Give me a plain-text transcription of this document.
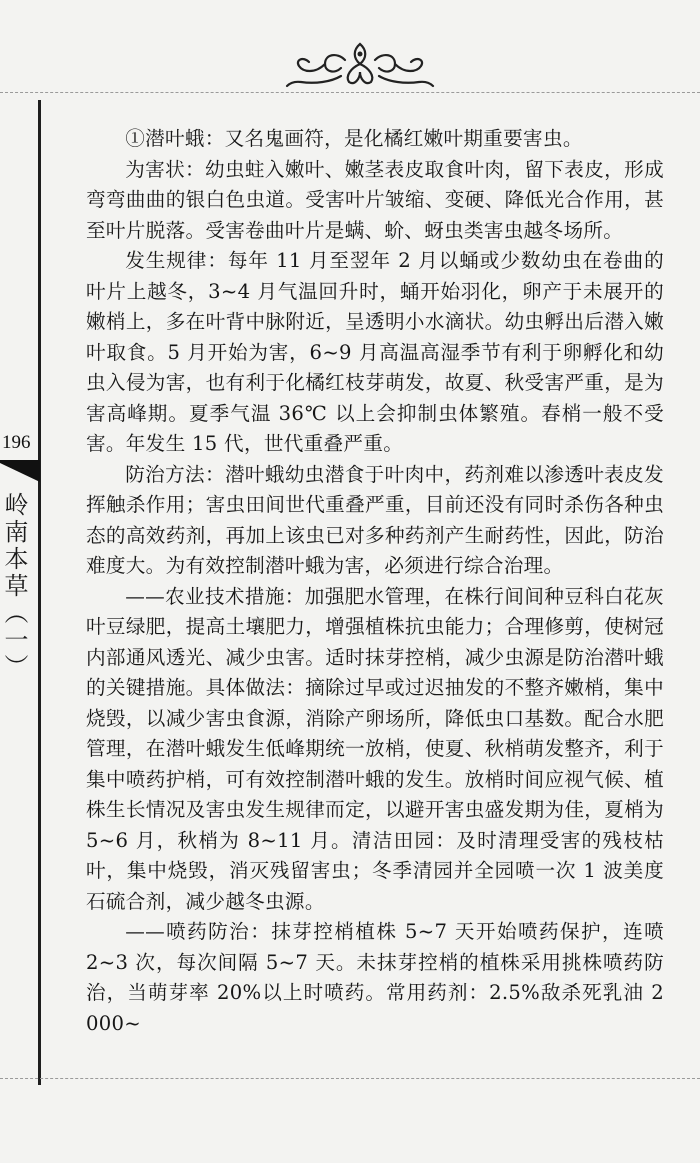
196
岭南本草（一）

①潜叶蛾：又名鬼画符，是化橘红嫩叶期重要害虫。

为害状：幼虫蛀入嫩叶、嫩茎表皮取食叶肉，留下表皮，形成弯弯曲曲的银白色虫道。受害叶片皱缩、变硬、降低光合作用，甚至叶片脱落。受害卷曲叶片是螨、蚧、蚜虫类害虫越冬场所。

发生规律：每年 11 月至翌年 2 月以蛹或少数幼虫在卷曲的叶片上越冬，3~4 月气温回升时，蛹开始羽化，卵产于未展开的嫩梢上，多在叶背中脉附近，呈透明小水滴状。幼虫孵出后潜入嫩叶取食。5 月开始为害，6~9 月高温高湿季节有利于卵孵化和幼虫入侵为害，也有利于化橘红枝芽萌发，故夏、秋受害严重，是为害高峰期。夏季气温 36℃ 以上会抑制虫体繁殖。春梢一般不受害。年发生 15 代，世代重叠严重。

防治方法：潜叶蛾幼虫潜食于叶肉中，药剂难以渗透叶表皮发挥触杀作用；害虫田间世代重叠严重，目前还没有同时杀伤各种虫态的高效药剂，再加上该虫已对多种药剂产生耐药性，因此，防治难度大。为有效控制潜叶蛾为害，必须进行综合治理。

——农业技术措施：加强肥水管理，在株行间间种豆科白花灰叶豆绿肥，提高土壤肥力，增强植株抗虫能力；合理修剪，使树冠内部通风透光、减少虫害。适时抹芽控梢，减少虫源是防治潜叶蛾的关键措施。具体做法：摘除过早或过迟抽发的不整齐嫩梢，集中烧毁，以减少害虫食源，消除产卵场所，降低虫口基数。配合水肥管理，在潜叶蛾发生低峰期统一放梢，使夏、秋梢萌发整齐，利于集中喷药护梢，可有效控制潜叶蛾的发生。放梢时间应视气候、植株生长情况及害虫发生规律而定，以避开害虫盛发期为佳，夏梢为 5~6 月，秋梢为 8~11 月。清洁田园：及时清理受害的残枝枯叶，集中烧毁，消灭残留害虫；冬季清园并全园喷一次 1 波美度石硫合剂，减少越冬虫源。

——喷药防治：抹芽控梢植株 5~7 天开始喷药保护，连喷 2~3 次，每次间隔 5~7 天。未抹芽控梢的植株采用挑株喷药防治，当萌芽率 20%以上时喷药。常用药剂：2.5%敌杀死乳油 2 000~
